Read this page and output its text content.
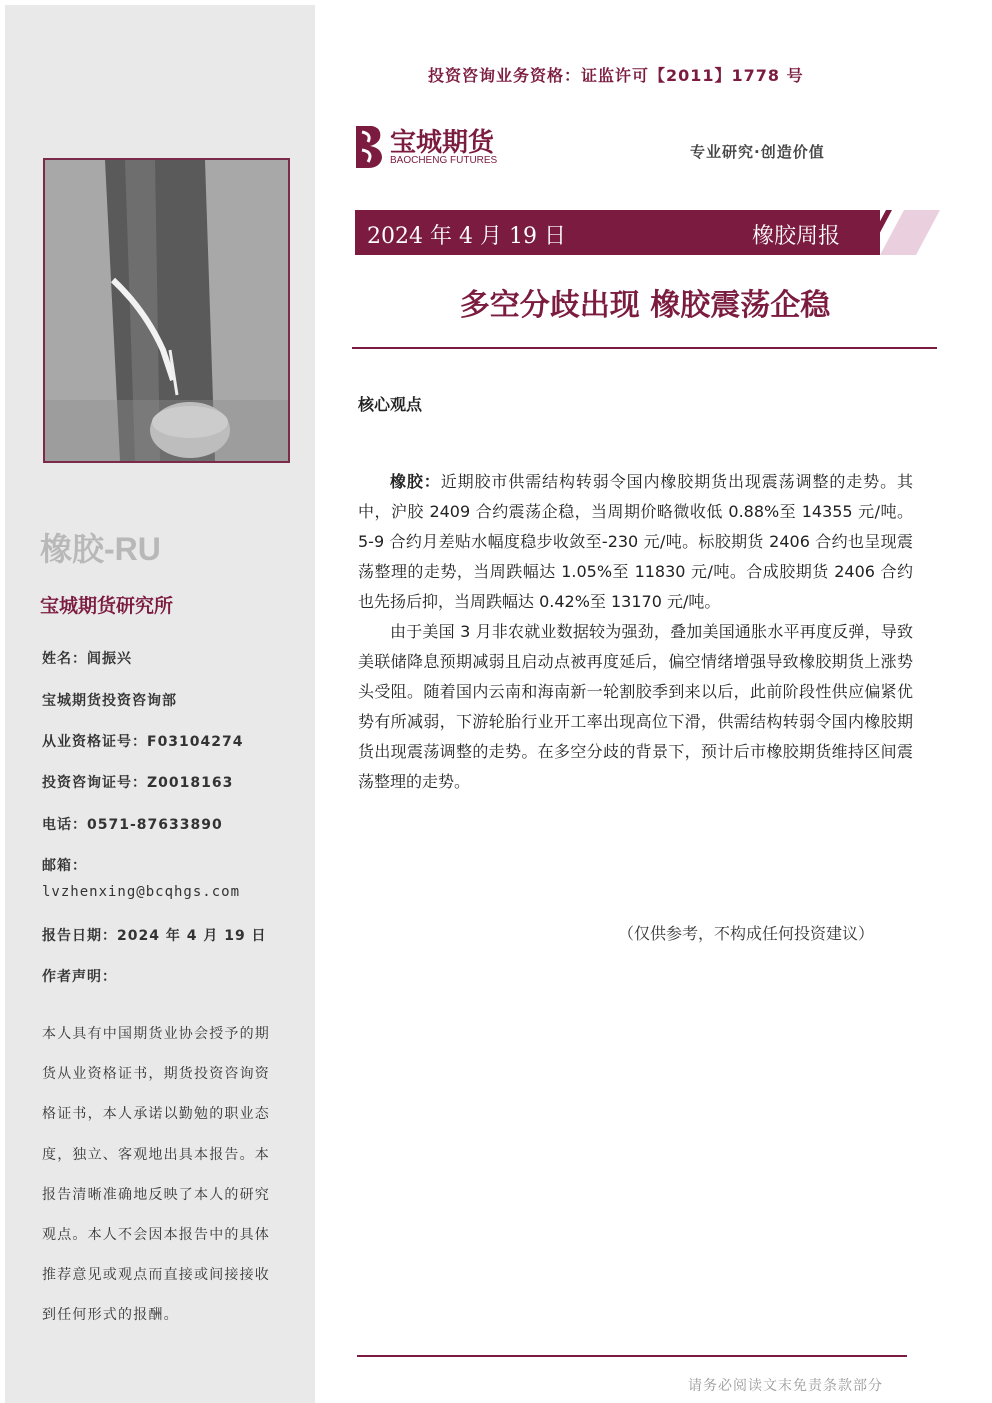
橡胶-RU
宝城期货研究所
姓名：闾振兴
宝城期货投资咨询部
从业资格证号：F03104274
投资咨询证号：Z0018163
电话：0571-87633890
邮箱：
lvzhenxing@bcqhgs.com
报告日期：2024 年 4 月 19 日
作者声明：
本人具有中国期货业协会授予的期货从业资格证书，期货投资咨询资格证书，本人承诺以勤勉的职业态度，独立、客观地出具本报告。本报告清晰准确地反映了本人的研究观点。本人不会因本报告中的具体推荐意见或观点而直接或间接接收到任何形式的报酬。
投资咨询业务资格：证监许可【2011】1778 号
宝城期货
BAOCHENG FUTURES	专业研究·创造价值
2024 年 4 月 19 日	橡胶周报
多空分歧出现 橡胶震荡企稳
核心观点

橡胶：近期胶市供需结构转弱令国内橡胶期货出现震荡调整的走势。其中，沪胶 2409 合约震荡企稳，当周期价略微收低 0.88%至 14355 元/吨。5-9 合约月差贴水幅度稳步收敛至-230 元/吨。标胶期货 2406 合约也呈现震荡整理的走势，当周跌幅达 1.05%至 11830 元/吨。合成胶期货 2406 合约也先扬后抑，当周跌幅达 0.42%至 13170 元/吨。

由于美国 3 月非农就业数据较为强劲，叠加美国通胀水平再度反弹，导致美联储降息预期减弱且启动点被再度延后，偏空情绪增强导致橡胶期货上涨势头受阻。随着国内云南和海南新一轮割胶季到来以后，此前阶段性供应偏紧优势有所减弱，下游轮胎行业开工率出现高位下滑，供需结构转弱令国内橡胶期货出现震荡调整的走势。在多空分歧的背景下，预计后市橡胶期货维持区间震荡整理的走势。

（仅供参考，不构成任何投资建议）
请务必阅读文末免责条款部分
